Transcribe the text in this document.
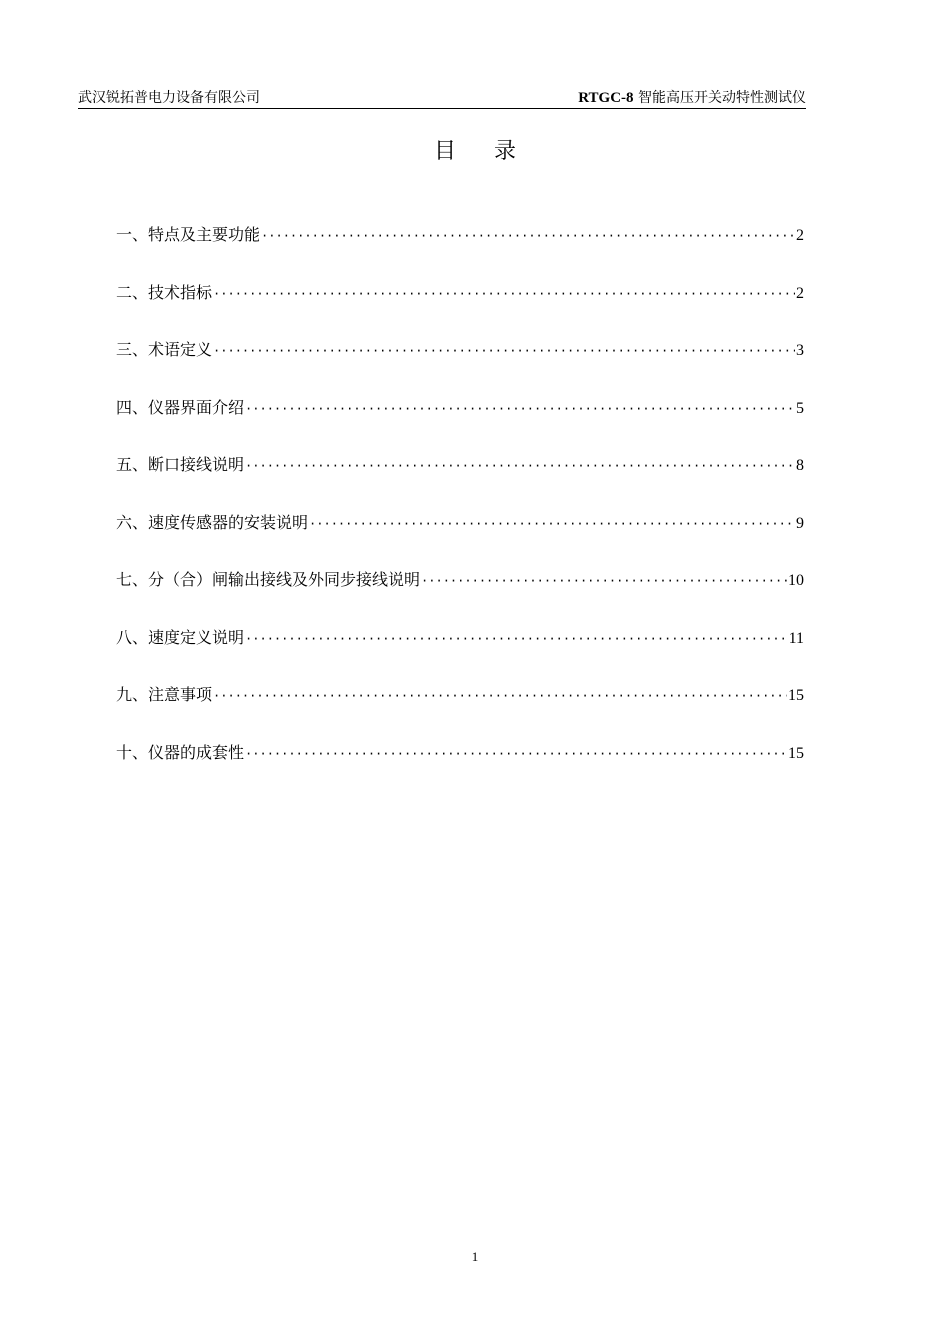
武汉锐拓普电力设备有限公司	RTGC-8 智能高压开关动特性测试仪
目 录
一、特点及主要功能 ·····	2
二、技术指标 ·····	2
三、术语定义 ·····	3
四、仪器界面介绍 ·····	5
五、断口接线说明 ·····	8
六、速度传感器的安装说明 ·····	9
七、分（合）闸输出接线及外同步接线说明 ·····	10
八、速度定义说明 ·····	11
九、注意事项 ·····	15
十、仪器的成套性 ·····	15
1
